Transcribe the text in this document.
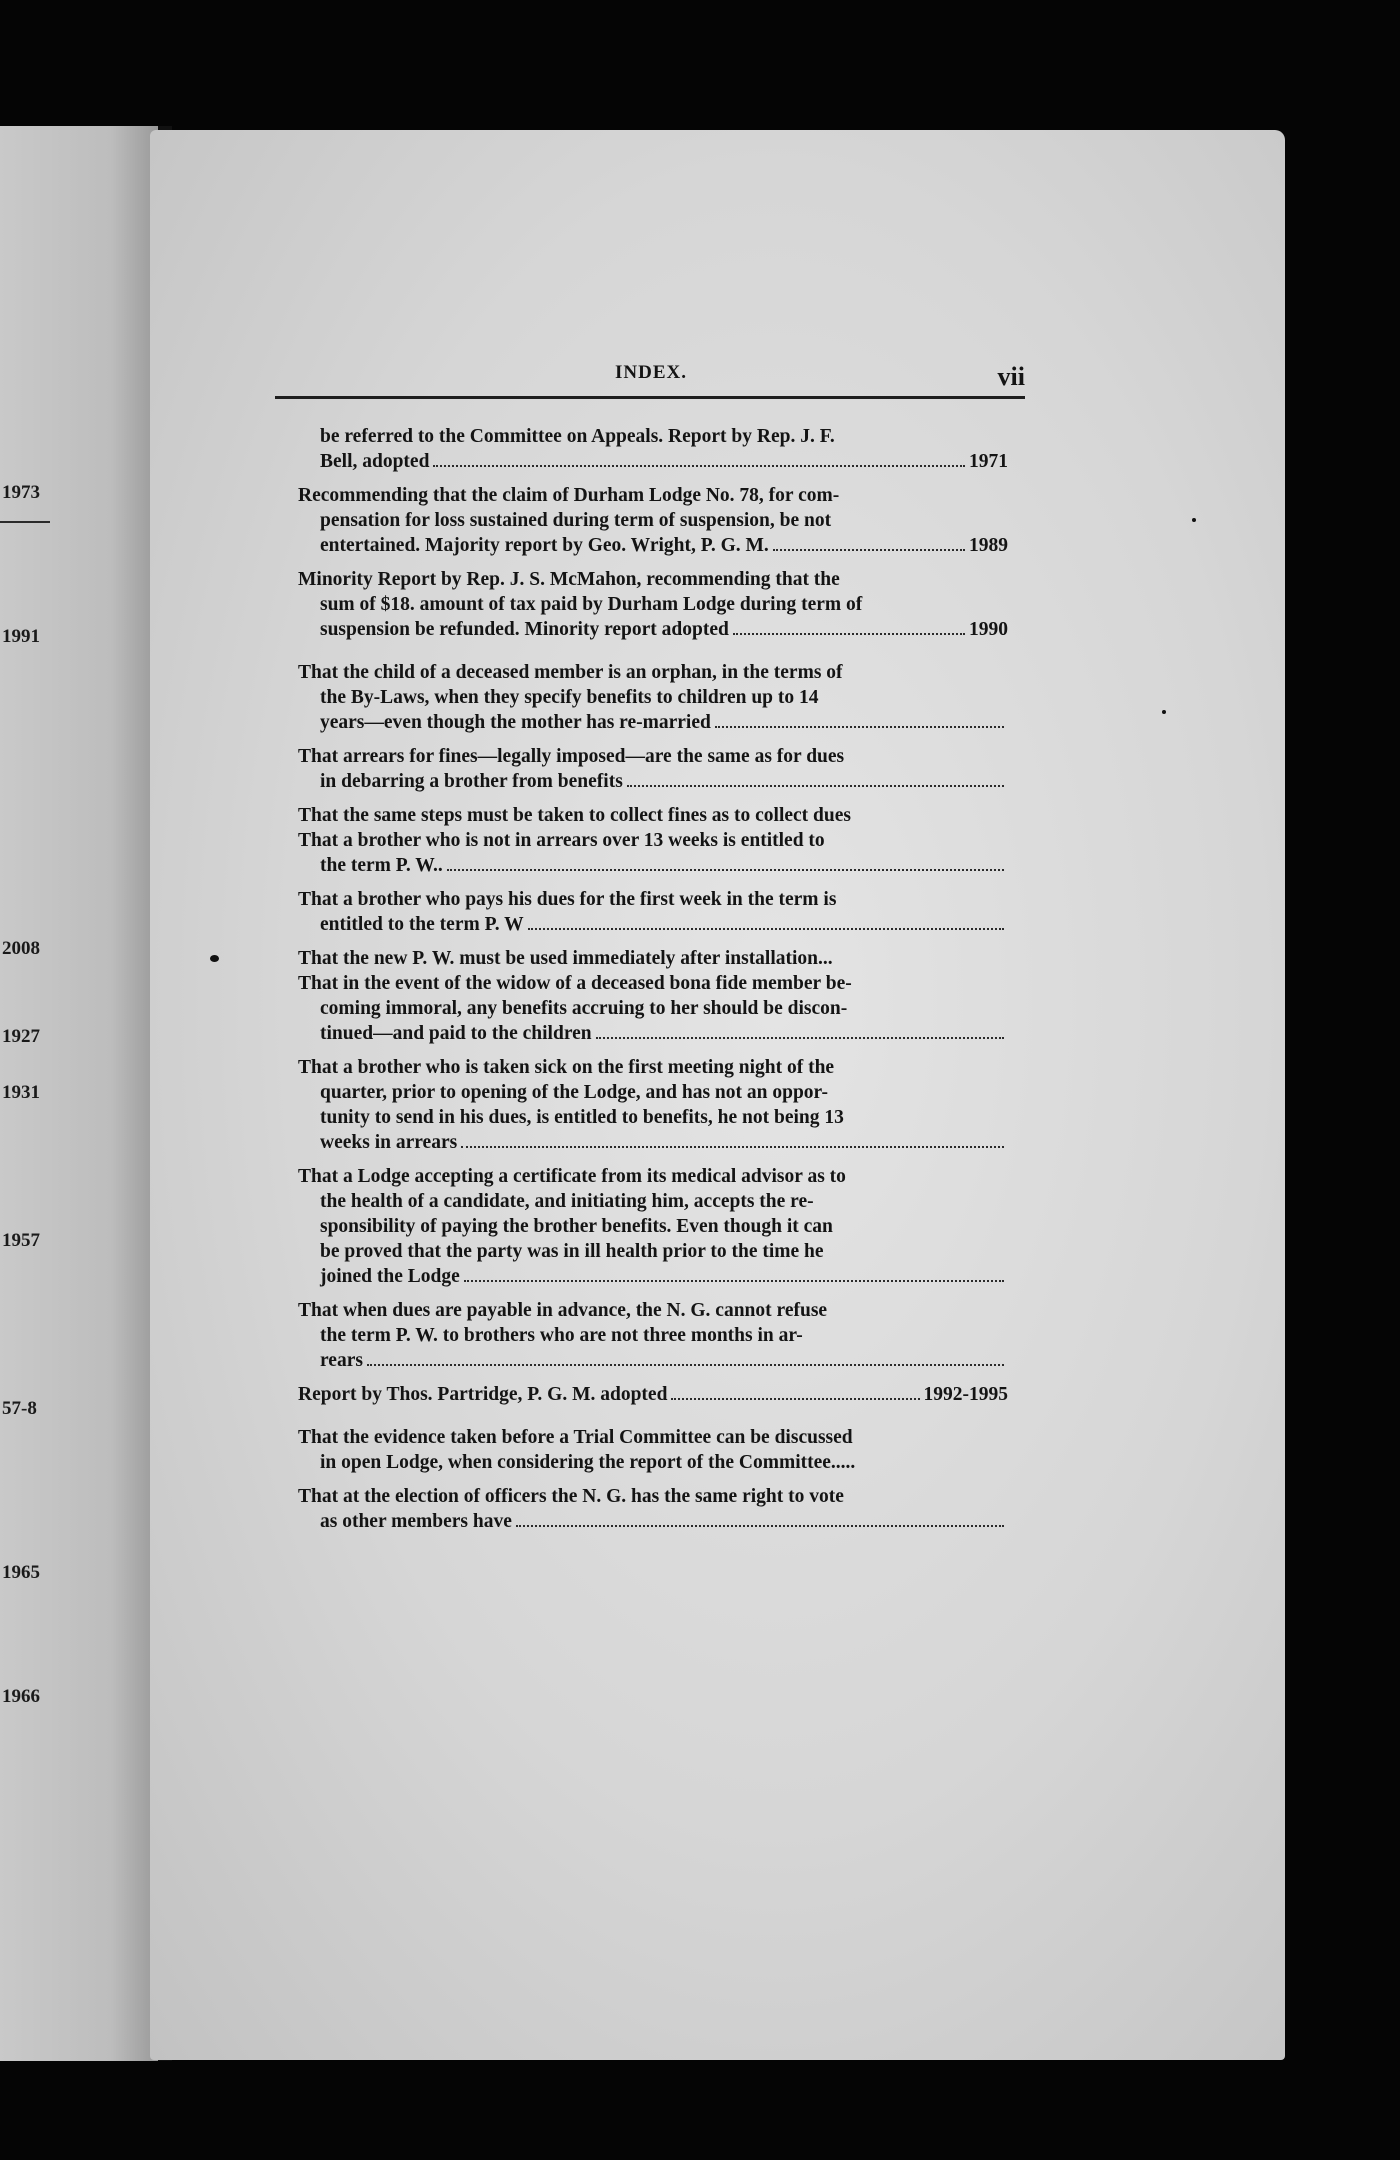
1973
1991
2008
1927
1931
1957
57-8
1965
1966
INDEX.	vii
be referred to the Committee on Appeals. Report by Rep. J. F.
Bell, adopted	1971
Recommending that the claim of Durham Lodge No. 78, for com-
pensation for loss sustained during term of suspension, be not
entertained. Majority report by Geo. Wright, P. G. M.	1989
Minority Report by Rep. J. S. McMahon, recommending that the
sum of $18. amount of tax paid by Durham Lodge during term of
suspension be refunded. Minority report adopted	1990
That the child of a deceased member is an orphan, in the terms of
the By-Laws, when they specify benefits to children up to 14
years—even though the mother has re-married
That arrears for fines—legally imposed—are the same as for dues
in debarring a brother from benefits
That the same steps must be taken to collect fines as to collect dues
That a brother who is not in arrears over 13 weeks is entitled to
the term P. W..
That a brother who pays his dues for the first week in the term is
entitled to the term P. W
That the new P. W. must be used immediately after installation...
That in the event of the widow of a deceased bona fide member be-
coming immoral, any benefits accruing to her should be discon-
tinued—and paid to the children
That a brother who is taken sick on the first meeting night of the
quarter, prior to opening of the Lodge, and has not an oppor-
tunity to send in his dues, is entitled to benefits, he not being 13
weeks in arrears
That a Lodge accepting a certificate from its medical advisor as to
the health of a candidate, and initiating him, accepts the re-
sponsibility of paying the brother benefits. Even though it can
be proved that the party was in ill health prior to the time he
joined the Lodge
That when dues are payable in advance, the N. G. cannot refuse
the term P. W. to brothers who are not three months in ar-
rears
Report by Thos. Partridge, P. G. M. adopted	1992-1995
That the evidence taken before a Trial Committee can be discussed
in open Lodge, when considering the report of the Committee.....
That at the election of officers the N. G. has the same right to vote
as other members have
